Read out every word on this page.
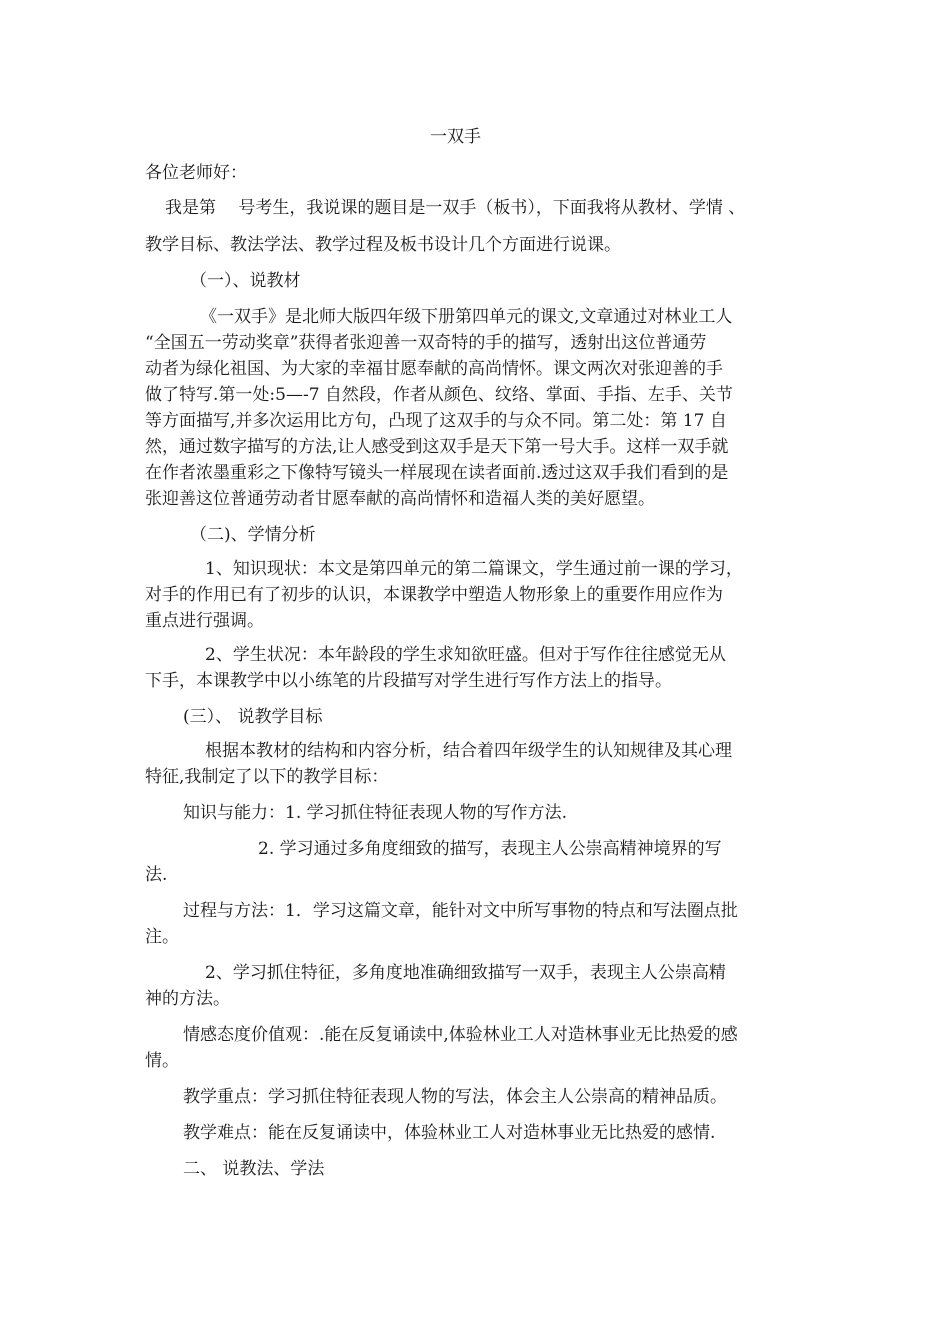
一双手
各位老师好：
我是第　 号考生，我说课的题目是一双手（板书），下面我将从教材、学情 、
教学目标、教法学法、教学过程及板书设计几个方面进行说课。
（一）、说教材
《一双手》是北师大版四年级下册第四单元的课文,文章通过对林业工人
“全国五一劳动奖章”获得者张迎善一双奇特的手的描写，透射出这位普通劳
动者为绿化祖国、为大家的幸福甘愿奉献的高尚情怀。课文两次对张迎善的手
做了特写.第一处:5—-7 自然段，作者从颜色、纹络、掌面、手指、左手、关节
等方面描写,并多次运用比方句，凸现了这双手的与众不同。第二处：第 17 自
然，通过数字描写的方法,让人感受到这双手是天下第一号大手。这样一双手就
在作者浓墨重彩之下像特写镜头一样展现在读者面前.透过这双手我们看到的是
张迎善这位普通劳动者甘愿奉献的高尚情怀和造福人类的美好愿望。
（二)、学情分析
1、知识现状：本文是第四单元的第二篇课文，学生通过前一课的学习，
对手的作用已有了初步的认识，本课教学中塑造人物形象上的重要作用应作为
重点进行强调。
2、学生状况：本年龄段的学生求知欲旺盛。但对于写作往往感觉无从
下手，本课教学中以小练笔的片段描写对学生进行写作方法上的指导。
(三）、 说教学目标
根据本教材的结构和内容分析，结合着四年级学生的认知规律及其心理
特征,我制定了以下的教学目标：
知识与能力：1. 学习抓住特征表现人物的写作方法.
2. 学习通过多角度细致的描写，表现主人公崇高精神境界的写
法.
过程与方法：1．学习这篇文章，能针对文中所写事物的特点和写法圈点批
注。
2、学习抓住特征，多角度地准确细致描写一双手，表现主人公崇高精
神的方法。
情感态度价值观：.能在反复诵读中,体验林业工人对造林事业无比热爱的感
情。
教学重点：学习抓住特征表现人物的写法，体会主人公崇高的精神品质。
教学难点：能在反复诵读中，体验林业工人对造林事业无比热爱的感情.
二、 说教法、学法
